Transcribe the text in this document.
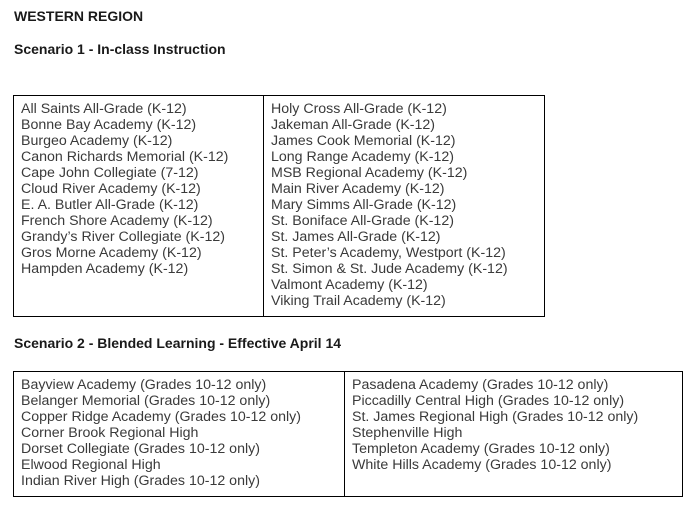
WESTERN REGION
Scenario 1 - In-class Instruction
All Saints All-Grade (K-12)
Bonne Bay Academy (K-12)
Burgeo Academy (K-12)
Canon Richards Memorial (K-12)
Cape John Collegiate (7-12)
Cloud River Academy (K-12)
E. A. Butler All-Grade (K-12)
French Shore Academy (K-12)
Grandy’s River Collegiate (K-12)
Gros Morne Academy (K-12)
Hampden Academy (K-12)

Holy Cross All-Grade (K-12)
Jakeman All-Grade (K-12)
James Cook Memorial (K-12)
Long Range Academy (K-12)
MSB Regional Academy (K-12)
Main River Academy (K-12)
Mary Simms All-Grade (K-12)
St. Boniface All-Grade (K-12)
St. James All-Grade (K-12)
St. Peter’s Academy, Westport (K-12)
St. Simon & St. Jude Academy (K-12)
Valmont Academy (K-12)
Viking Trail Academy (K-12)
Scenario 2 - Blended Learning - Effective April 14
Bayview Academy (Grades 10-12 only)
Belanger Memorial (Grades 10-12 only)
Copper Ridge Academy (Grades 10-12 only)
Corner Brook Regional High
Dorset Collegiate (Grades 10-12 only)
Elwood Regional High
Indian River High (Grades 10-12 only)

Pasadena Academy (Grades 10-12 only)
Piccadilly Central High (Grades 10-12 only)
St. James Regional High (Grades 10-12 only)
Stephenville High
Templeton Academy (Grades 10-12 only)
White Hills Academy (Grades 10-12 only)
